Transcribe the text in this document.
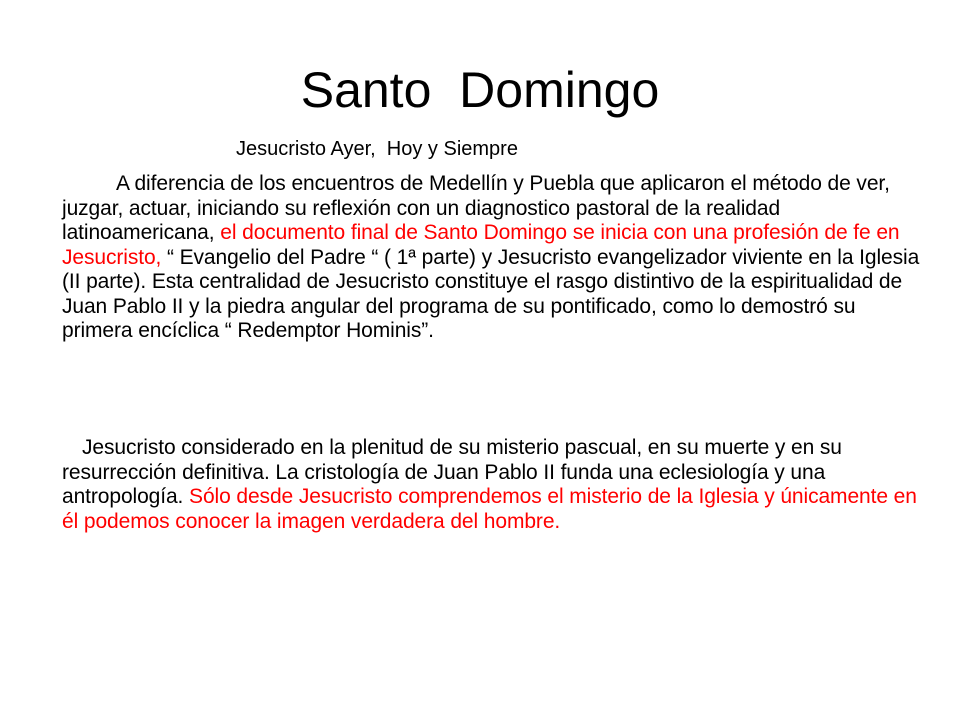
Santo  Domingo
Jesucristo Ayer,  Hoy y Siempre
A diferencia de los encuentros de Medellín y Puebla que aplicaron el método de ver, juzgar, actuar, iniciando su reflexión con un diagnostico pastoral de la realidad latinoamericana, el documento final de Santo Domingo se inicia con una profesión de fe en Jesucristo, “ Evangelio del Padre “ ( 1ª parte) y Jesucristo evangelizador viviente en la Iglesia (II parte). Esta centralidad de Jesucristo constituye el rasgo distintivo de la espiritualidad de Juan Pablo II y la piedra angular del programa de su pontificado, como lo demostró su primera encíclica “ Redemptor Hominis”.
Jesucristo considerado en la plenitud de su misterio pascual, en su muerte y en su resurrección definitiva. La cristología de Juan Pablo II funda una eclesiología y una antropología. Sólo desde Jesucristo comprendemos el misterio de la Iglesia y únicamente en él podemos conocer la imagen verdadera del hombre.
